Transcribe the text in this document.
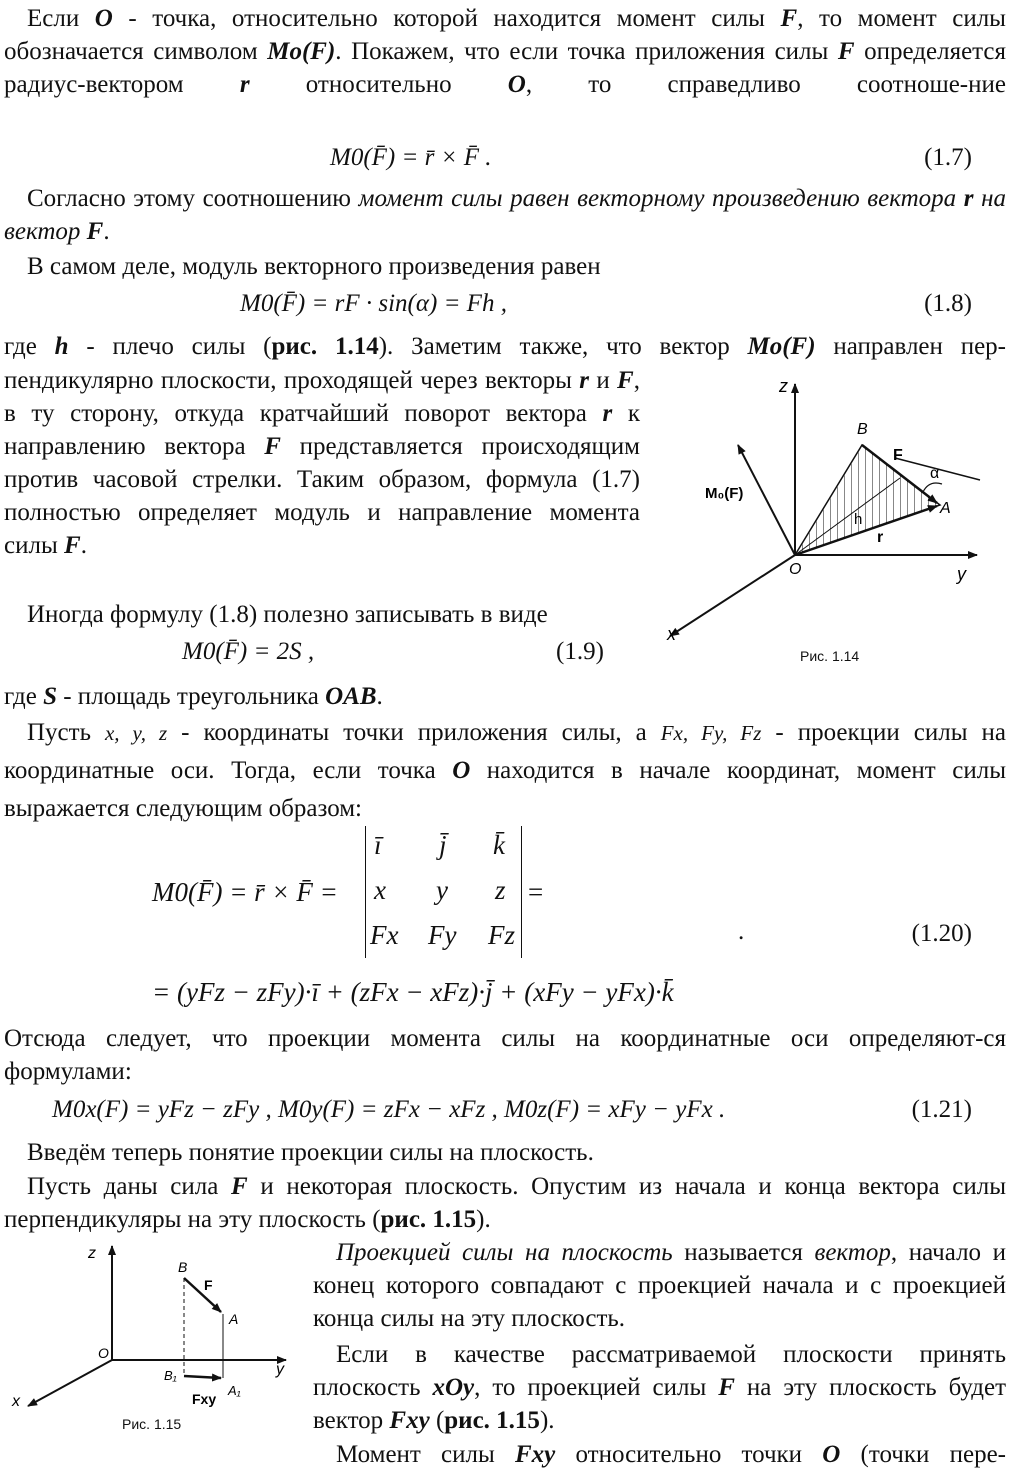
Если O - точка, относительно которой находится момент силы F, то момент силы обозначается символом Mo(F). Покажем, что если точка приложения силы F определяется радиус-вектором r относительно O, то справедливо соотноше-ние

M0(F̄) = r̄ × F̄ .	(1.7)

Согласно этому соотношению момент силы равен векторному произведению вектора r на вектор F.

В самом деле, модуль векторного произведения равен

M0(F̄) = rF · sin(α) = Fh ,	(1.8)

где h - плечо силы (рис. 1.14). Заметим также, что вектор Mo(F) направлен пер-

пендикулярно плоскости, проходящей через векторы r и F, в ту сторону, откуда кратчайший поворот вектора r к направлению вектора F представляется происходящим против часовой стрелки. Таким образом, формула (1.7) полностью определяет модуль и направление момента силы F.

Иногда формулу (1.8) полезно записывать в виде

M0(F̄) = 2S ,	(1.9)
z
y
x
O
B
A
F
h
r
α
M₀(F)
Рис. 1.14

где S - площадь треугольника OAB.

Пусть x, y, z - координаты точки приложения силы, а Fx, Fy, Fz - проекции силы на координатные оси. Тогда, если точка O находится в начале координат, момент силы выражается следующим образом:

M0(F̄) = r̄ × F̄ =
ī j̄ k̄
x y z
Fx Fy Fz
=
.	(1.20)
= (yFz − zFy)·ī + (zFx − xFz)·j̄ + (xFy − yFx)·k̄

Отсюда следует, что проекции момента силы на координатные оси определяют-ся формулами:

M0x(F) = yFz − zFy , M0y(F) = zFx − xFz , M0z(F) = xFy − yFx .	(1.21)

Введём теперь понятие проекции силы на плоскость.

Пусть даны сила F и некоторая плоскость. Опустим из начала и конца вектора силы перпендикуляры на эту плоскость (рис. 1.15).

z
y
x
O
B
A
F
B₁
A₁
Fxy
Рис. 1.15

Проекцией силы на плоскость называется вектор, начало и конец которого совпадают с проекцией начала и с проекцией конца силы на эту плоскость.

Если в качестве рассматриваемой плоскости принять плоскость xOy, то проекцией силы F на эту плоскость будет вектор Fxy (рис. 1.15).

Момент силы Fxy относительно точки O (точки пере-
